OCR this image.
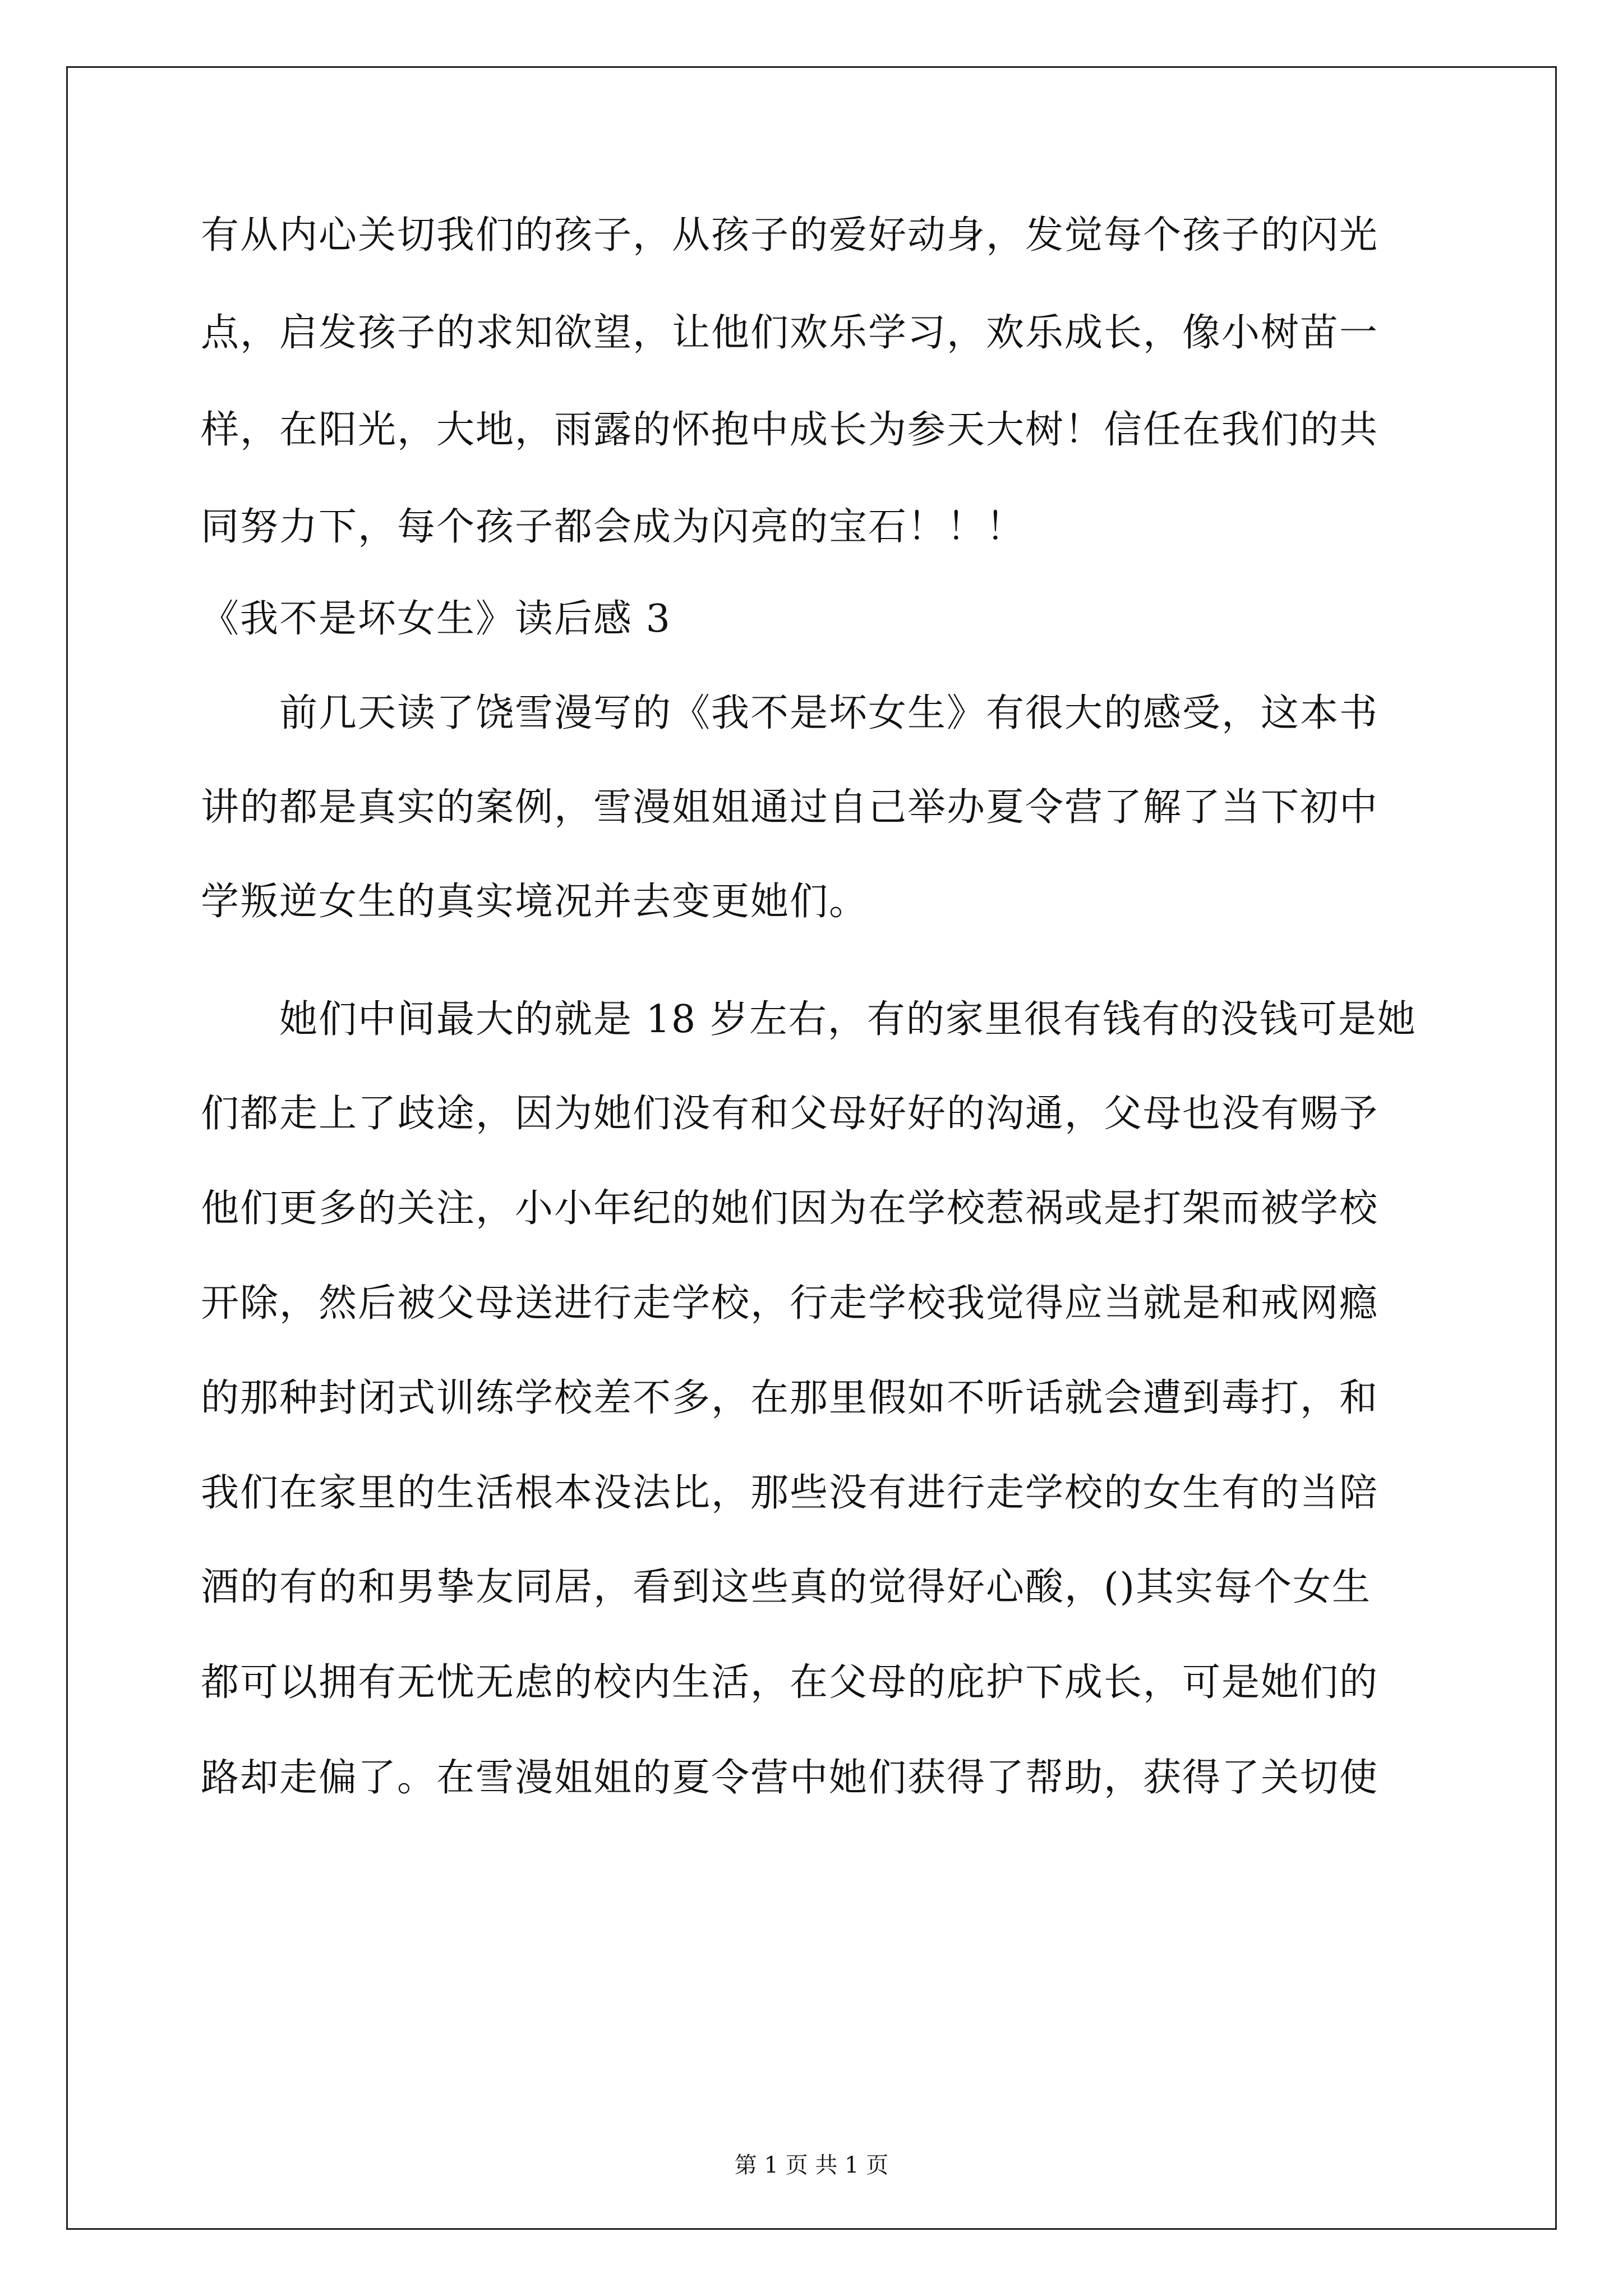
有从内心关切我们的孩子，从孩子的爱好动身，发觉每个孩子的闪光
点，启发孩子的求知欲望，让他们欢乐学习，欢乐成长，像小树苗一
样，在阳光，大地，雨露的怀抱中成长为参天大树！信任在我们的共
同努力下，每个孩子都会成为闪亮的宝石！！！
《我不是坏女生》读后感 3
前几天读了饶雪漫写的《我不是坏女生》有很大的感受，这本书
讲的都是真实的案例，雪漫姐姐通过自己举办夏令营了解了当下初中
学叛逆女生的真实境况并去变更她们。
她们中间最大的就是 18 岁左右，有的家里很有钱有的没钱可是她
们都走上了歧途，因为她们没有和父母好好的沟通，父母也没有赐予
他们更多的关注，小小年纪的她们因为在学校惹祸或是打架而被学校
开除，然后被父母送进行走学校，行走学校我觉得应当就是和戒网瘾
的那种封闭式训练学校差不多，在那里假如不听话就会遭到毒打，和
我们在家里的生活根本没法比，那些没有进行走学校的女生有的当陪
酒的有的和男挚友同居，看到这些真的觉得好心酸，()其实每个女生
都可以拥有无忧无虑的校内生活，在父母的庇护下成长，可是她们的
路却走偏了。在雪漫姐姐的夏令营中她们获得了帮助，获得了关切使
第 1 页 共 1 页
